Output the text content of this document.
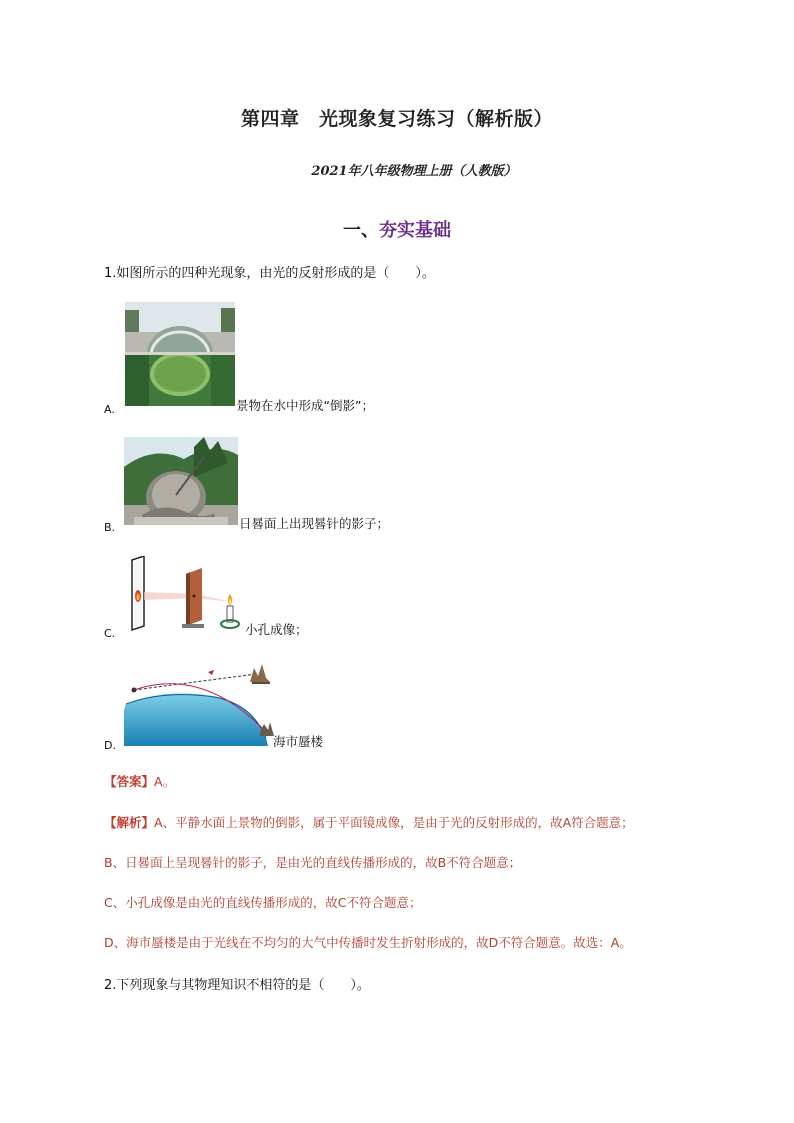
第四章　光现象复习练习（解析版）
2021年八年级物理上册（人教版）
一、夯实基础
1.如图所示的四种光现象，由光的反射形成的是（　　）。
A.	景物在水中形成“倒影”；
B.	日晷面上出现晷针的影子；
C.	小孔成像；
D.	海市蜃楼
【答案】A。
【解析】A、平静水面上景物的倒影，属于平面镜成像，是由于光的反射形成的，故A符合题意；
B、日晷面上呈现晷针的影子，是由光的直线传播形成的，故B不符合题意；
C、小孔成像是由光的直线传播形成的，故C不符合题意；
D、海市蜃楼是由于光线在不均匀的大气中传播时发生折射形成的，故D不符合题意。故选：A。
2.下列现象与其物理知识不相符的是（　　）。
